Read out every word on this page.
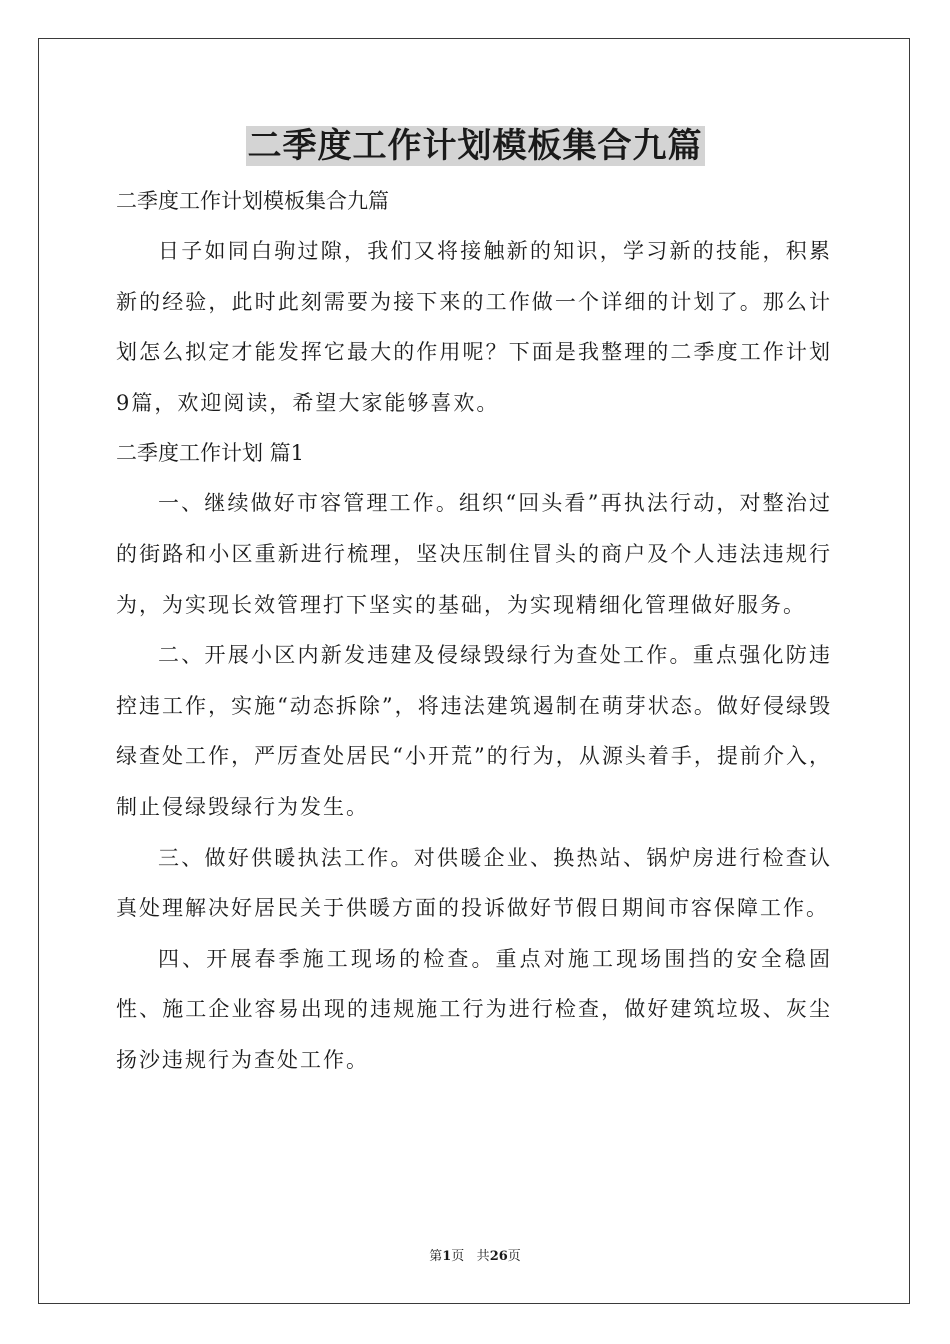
二季度工作计划模板集合九篇
二季度工作计划模板集合九篇

日子如同白驹过隙，我们又将接触新的知识，学习新的技能，积累新的经验，此时此刻需要为接下来的工作做一个详细的计划了。那么计划怎么拟定才能发挥它最大的作用呢？下面是我整理的二季度工作计划9篇，欢迎阅读，希望大家能够喜欢。

二季度工作计划 篇1

一、继续做好市容管理工作。组织“回头看”再执法行动，对整治过的街路和小区重新进行梳理，坚决压制住冒头的商户及个人违法违规行为，为实现长效管理打下坚实的基础，为实现精细化管理做好服务。

二、开展小区内新发违建及侵绿毁绿行为查处工作。重点强化防违控违工作，实施“动态拆除”，将违法建筑遏制在萌芽状态。做好侵绿毁绿查处工作，严厉查处居民“小开荒”的行为，从源头着手，提前介入，制止侵绿毁绿行为发生。

三、做好供暖执法工作。对供暖企业、换热站、锅炉房进行检查认真处理解决好居民关于供暖方面的投诉做好节假日期间市容保障工作。

四、开展春季施工现场的检查。重点对施工现场围挡的安全稳固性、施工企业容易出现的违规施工行为进行检查，做好建筑垃圾、灰尘扬沙违规行为查处工作。

第1页 共26页
